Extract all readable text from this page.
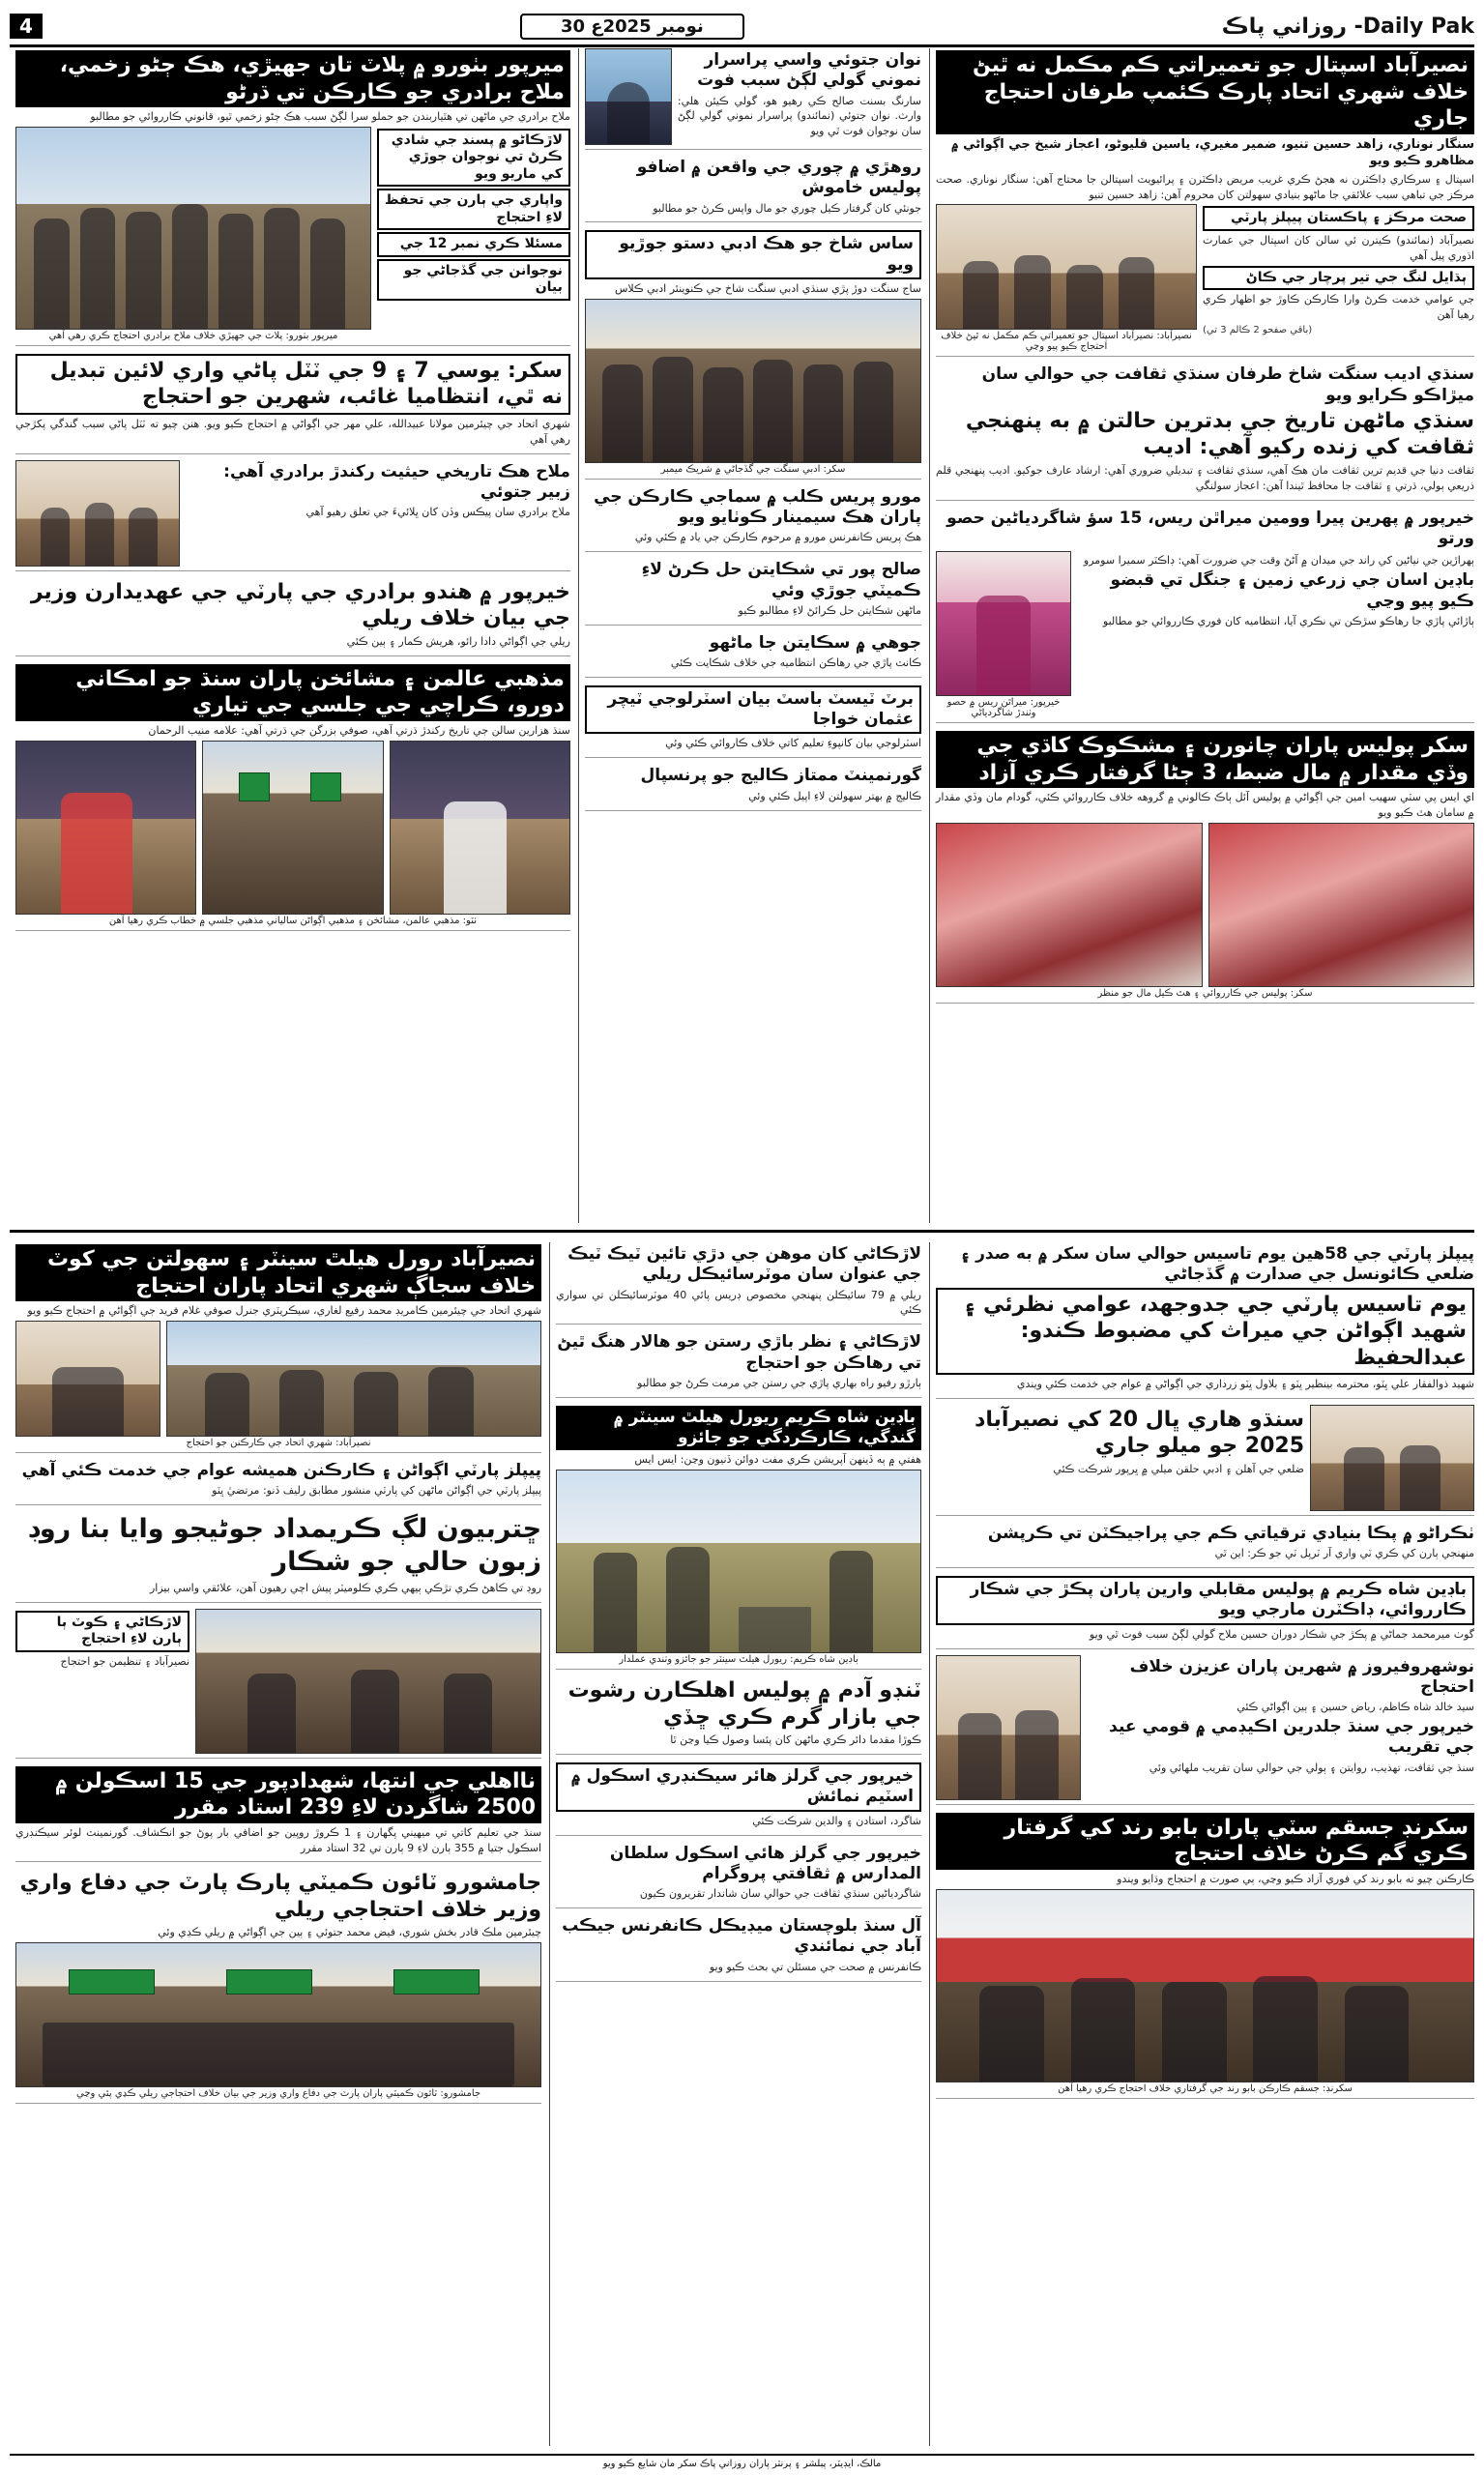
4	30 نومبر 2025ع	Daily Pak- روزاني پاڪ
نصيرآباد اسپتال جو تعميراتي ڪم مڪمل نه ٿيڻ خلاف شهري اتحاد پارڪ ڪئمپ طرفان احتجاج جاري
سنگار نوناري، زاهد حسين تنيو، ضمير مغيري، ياسين قليوڻو، اعجاز شيخ جي اڳواڻي ۾ مظاهرو ڪيو ويو
اسپتال ۽ سرڪاري ڊاڪٽرن نه هجڻ ڪري غريب مريض ڊاڪٽرن ۽ پرائيويٽ اسپتالن جا محتاج آهن: سنگار نوناري. صحت مرڪز جي تباهي سبب علائقي جا ماڻهو بنيادي سهولتن کان محروم آهن: زاهد حسين تنيو
صحت مرڪز ۽ پاڪستان پيپلز پارٽي
نصيرآباد (نمائندو) ڪيترن ئي سالن کان اسپتال جي عمارت اڌوري پيل آهي
ٻڌايل لنگ جي تير پرچار جي ڪاڻ
جي عوامي خدمت ڪرڻ وارا ڪارڪن ڪاوڙ جو اظهار ڪري رهيا آهن
(باقي صفحو 2 ڪالم 3 تي)
نصيرآباد: نصيرآباد اسپتال جو تعميراتي ڪم مڪمل نه ٿيڻ خلاف احتجاج ڪيو پيو وڃي
سنڌي اديب سنگت شاخ طرفان سنڌي ثقافت جي حوالي سان ميڙاڪو ڪرايو ويو
سنڌي ماڻهن تاريخ جي بدترين حالتن ۾ به پنهنجي ثقافت کي زنده رکيو آهي: اديب
ثقافت دنيا جي قديم ترين ثقافت مان هڪ آهي، سنڌي ثقافت ۽ تبديلي ضروري آهي: ارشاد عارف جوکيو. اديب پنهنجي قلم ذريعي ٻولي، ڌرتي ۽ ثقافت جا محافظ ٿيندا آهن: اعجاز سولنگي
خيرپور ۾ پهرين پيرا وومين ميراٿن ريس، 15 سؤ شاگردياڻين حصو ورتو
ٻهراڙين جي نياڻين کي راند جي ميدان ۾ آڻڻ وقت جي ضرورت آهي: ڊاڪٽر سميرا سومرو
باڊين اسان جي زرعي زمين ۽ جنگل تي قبضو ڪيو پيو وڃي
ٻاڙائي پاڙي جا رهاڪو سڙڪن تي نڪري آيا، انتظاميه کان فوري ڪارروائي جو مطالبو
خيرپور: ميراٿن ريس ۾ حصو وٺندڙ شاگردياڻي
سکر پوليس پاران چانورن ۽ مشڪوڪ کاڌي جي وڏي مقدار ۾ مال ضبط، 3 ڄڻا گرفتار ڪري آزاد
اي ايس پي سٽي سهيب امين جي اڳواڻي ۾ پوليس آئل ٻاڪ ڪالوني ۾ گروهه خلاف ڪارروائي ڪئي، گودام مان وڏي مقدار ۾ سامان هٿ ڪيو ويو
سکر: پوليس جي ڪارروائي ۽ هٿ ڪيل مال جو منظر
نوان جتوئي واسي پراسرار نموني گولي لڳڻ سبب فوت
سارنگ بسنت صالح ڪي رهيو هو، گولي ڪيئن هلي: وارث. نوان جتوئي (نمائندو) پراسرار نموني گولي لڳڻ سان نوجوان فوت ٿي ويو
روهڙي ۾ چوري جي واقعن ۾ اضافو پوليس خاموش
جونئي کان گرفتار ڪيل چوري جو مال واپس ڪرڻ جو مطالبو
ساس شاخ جو هڪ ادبي دستو جوڙيو ويو
ساج سنگت دوڙ پڙي سنڌي ادبي سنگت شاخ جي ڪنوينئر ادبي ڪلاس
سکر: ادبي سنگت جي گڏجاڻي ۾ شريڪ ميمبر
مورو پريس ڪلب ۾ سماجي ڪارڪن جي پاران هڪ سيمينار ڪوٺايو ويو
هڪ پريس ڪانفرنس مورو ۾ مرحوم ڪارڪن جي ياد ۾ ڪئي وئي
صالح پور تي شڪايتن حل ڪرڻ لاءِ ڪميٽي جوڙي وئي
ماڻهن شڪايتن حل ڪرائڻ لاءِ مطالبو ڪيو
جوهي ۾ سڪايتن جا ماڻهو
ڪانٽ پاڙي جي رهاڪن انتظاميه جي خلاف شڪايت ڪئي
برٽ ٽيسٽ باسٽ بيان اسٽرلوجي ٽيچر عثمان خواجا
اسٽرلوجي بيان کانپوءِ تعليم کاتي خلاف ڪاروائي ڪئي وئي
گورنمينٽ ممتاز ڪاليج جو پرنسپال
ڪاليج ۾ بهتر سهولتن لاءِ اپيل ڪئي وئي
ميرپور بٺورو ۾ پلاٽ تان جهيڙي، هڪ ڄڻو زخمي، ملاح برادري جو ڪارڪن تي ڌرڻو
ملاح برادري جي ماڻهن تي هٿياربندن جو حملو سرا لڳڻ سبب هڪ ڄڻو زخمي ٿيو، قانوني ڪارروائي جو مطالبو
لاڙڪاڻو ۾ پسند جي شادي ڪرڻ تي نوجوان جوڙي کي ماريو ويو
واپاري جي ٻارن جي تحفظ لاءِ احتجاج
مسئلا ڪري نمبر 12 جي
نوجوانن جي گڏجاڻي جو بيان
ميرپور بٺورو: پلاٽ جي جهيڙي خلاف ملاح برادري احتجاج ڪري رهي آهي
سکر: يوسي 7 ۽ 9 جي ٽٽل پاڻي واري لائين تبديل نه ٿي، انتظاميا غائب، شهرين جو احتجاج
شهري اتحاد جي چيئرمين مولانا عبيدالله، علي مهر جي اڳواڻي ۾ احتجاج ڪيو ويو. هنن چيو ته ٽٽل پاڻي سبب گندگي پکڙجي رهي آهي
ملاح هڪ تاريخي حيثيت رکندڙ برادري آهي: زبير جتوئي
ملاح برادري سان پيڪس وڏن کان ڀلائيءَ جي تعلق رهيو آهي
خيرپور ۾ هندو برادري جي پارٽي جي عهديدارن وزير جي بيان خلاف ريلي
ريلي جي اڳواڻي دادا رائو، هريش ڪمار ۽ ٻين ڪئي
مذهبي عالمن ۽ مشائخن پاران سنڌ جو امڪاني دورو، ڪراچي جي جلسي جي تياري
سنڌ هزارين سالن جي تاريخ رکندڙ ڌرتي آهي، صوفي بزرگن جي ڌرتي آهي: علامه منيب الرحمان
ٺٽو: مذهبي عالمن، مشائخن ۽ مذهبي اڳواڻن سالياني مذهبي جلسي ۾ خطاب ڪري رهيا آهن
پيپلز پارٽي جي 58هين يوم تاسيس حوالي سان سکر ۾ به صدر ۽ ضلعي ڪائونسل جي صدارت ۾ گڏجاڻي
يوم تاسيس پارٽي جي جدوجهد، عوامي نظرئي ۽ شهيد اڳواڻن جي ميراث کي مضبوط ڪندو: عبدالحفيظ
شهيد ذوالفقار علي ڀٽو، محترمه بينظير ڀٽو ۽ بلاول ڀٽو زرداري جي اڳواڻي ۾ عوام جي خدمت ڪئي ويندي
سنڌو هاري ڀال 20 کي نصيرآباد 2025 جو ميلو جاري
ضلعي جي آهلن ۽ ادبي حلقن ميلي ۾ ڀرپور شرڪت ڪئي
ٺڪراڻو ۾ پڪا بنيادي ترقياتي ڪم جي پراجيڪٽن تي ڪرپشن
منهنجي ٻارن کي ڪري ٽي واري آر ٽرپل ٽي جو ڪر: اين ٿي
باڊين شاه ڪريم ۾ پوليس مقابلي وارين پاران پڪڙ جي شڪار ڪارروائي، ڊاڪٽرن مارجي ويو
گوٺ ميرمحمد جماڻي ۾ پڪڙ جي شڪار دوران حسين ملاح گولي لڳڻ سبب فوت ٿي ويو
نوشهروفيروز ۾ شهرين پاران عزيزن خلاف احتجاج
سيد خالد شاه ڪاظم، رياض حسين ۽ ٻين اڳواڻي ڪئي
خيرپور جي سنڌ جلدرين اڪيڊمي ۾ قومي عيد جي تقريب
سنڌ جي ثقافت، تهذيب، روايتن ۽ ٻولي جي حوالي سان تقريب ملهائي وئي
سکرنڊ جسقم سٽي پاران بابو رند کي گرفتار ڪري گم ڪرڻ خلاف احتجاج
ڪارڪنن چيو ته بابو رند کي فوري آزاد ڪيو وڃي، ٻي صورت ۾ احتجاج وڌايو ويندو
سکرنڊ: جسقم ڪارڪن بابو رند جي گرفتاري خلاف احتجاج ڪري رهيا آهن
لاڙڪاڻي کان موهن جي دڙي تائين ٽيڪ ٽيڪ جي عنوان سان موٽرسائيڪل ريلي
ريلي ۾ 79 سائيڪلن پنهنجي مخصوص ڊريس پائي 40 موٽرسائيڪلن تي سواري ڪئي
لاڙڪاڻي ۽ نظر باڙي رستن جو هالار هنگ ٿيڻ تي رهاڪن جو احتجاج
ٻارڙو رفيو راه بهاري پاڙي جي رستن جي مرمت ڪرڻ جو مطالبو
باڊين شاه ڪريم ريورل هيلٿ سينٽر ۾ گندگي، ڪارڪردگي جو جائزو
هفتي ۾ ٻه ڏينهن آپريشن ڪري مفت دوائن ڏنيون وڃن: ايس ايس
باڊين شاه ڪريم: ريورل هيلٿ سينٽر جو جائزو وٺندي عملدار
ٽنڊو آدم ۾ پوليس اهلڪارن رشوت جي بازار گرم ڪري ڇڏي
ڪوڙا مقدما دائر ڪري ماڻهن کان پئسا وصول ڪيا وڃن ٿا
خيرپور جي گرلز هائر سيڪنڊري اسڪول ۾ اسٽيم نمائش
شاگرد، استادن ۽ والدين شرڪت ڪئي
خيرپور جي گرلز هائي اسڪول سلطان المدارس ۾ ثقافتي پروگرام
شاگردياڻين سنڌي ثقافت جي حوالي سان شاندار تقريرون ڪيون
آل سنڌ بلوچستان ميڊيڪل ڪانفرنس جيڪب آباد جي نمائندي
ڪانفرنس ۾ صحت جي مسئلن تي بحث ڪيو ويو
نصيرآباد رورل هيلٿ سينٽر ۽ سهولتن جي کوٽ خلاف سجاڳ شهري اتحاد پاران احتجاج
شهري اتحاد جي چيئرمين ڪامريڊ محمد رفيع لغاري، سيڪريٽري جنرل صوفي غلام فريد جي اڳواڻي ۾ احتجاج ڪيو ويو
نصيرآباد: شهري اتحاد جي ڪارڪنن جو احتجاج
پيپلز پارٽي اڳواڻن ۽ ڪارڪنن هميشه عوام جي خدمت ڪئي آهي
پيپلز پارٽي جي اڳواڻن ماڻهن کي پارٽي منشور مطابق رليف ڏنو: مرتضيٰ ڀٽو
ڇتربيون لڳ ڪريمداد جوڻيجو وايا بنا روڊ زبون حالي جو شڪار
روڊ تي ڪاهڻ ڪري تڙڪي ٻيهي ڪري ڪلوميٽر پيش اچي رهيون آهن، علائقي واسي بيزار
لاڙڪاڻي ۽ ڪوٽ ٻا ٻارن لاءِ احتجاج
نصيرآباد ۽ تنظيمن جو احتجاج
نااهلي جي انتها، شهدادپور جي 15 اسڪولن ۾ 2500 شاگردن لاءِ 239 استاد مقرر
سنڌ جي تعليم کاتي تي ميهيني پگهارن ۽ 1 ڪروڙ روپين جو اضافي بار پوڻ جو انڪشاف. گورنمينٽ لوئر سيڪنڊري اسڪول جتيا ۾ 355 ٻارن لاءِ 9 ٻارن تي 32 استاد مقرر
جامشورو ٽائون ڪميٽي پارڪ پارٽ جي دفاع واري وزير خلاف احتجاجي ريلي
چيئرمين ملڪ قادر بخش شوري، فيض محمد جتوئي ۽ ٻين جي اڳواڻي ۾ ريلي ڪڍي وئي
جامشورو: ٽائون ڪميٽي پاران پارٽ جي دفاع واري وزير جي بيان خلاف احتجاجي ريلي ڪڍي پئي وڃي
مالڪ، ايڊيٽر، پبلشر ۽ پرنٽر پاران روزاني پاڪ سکر مان شايع ڪيو ويو
